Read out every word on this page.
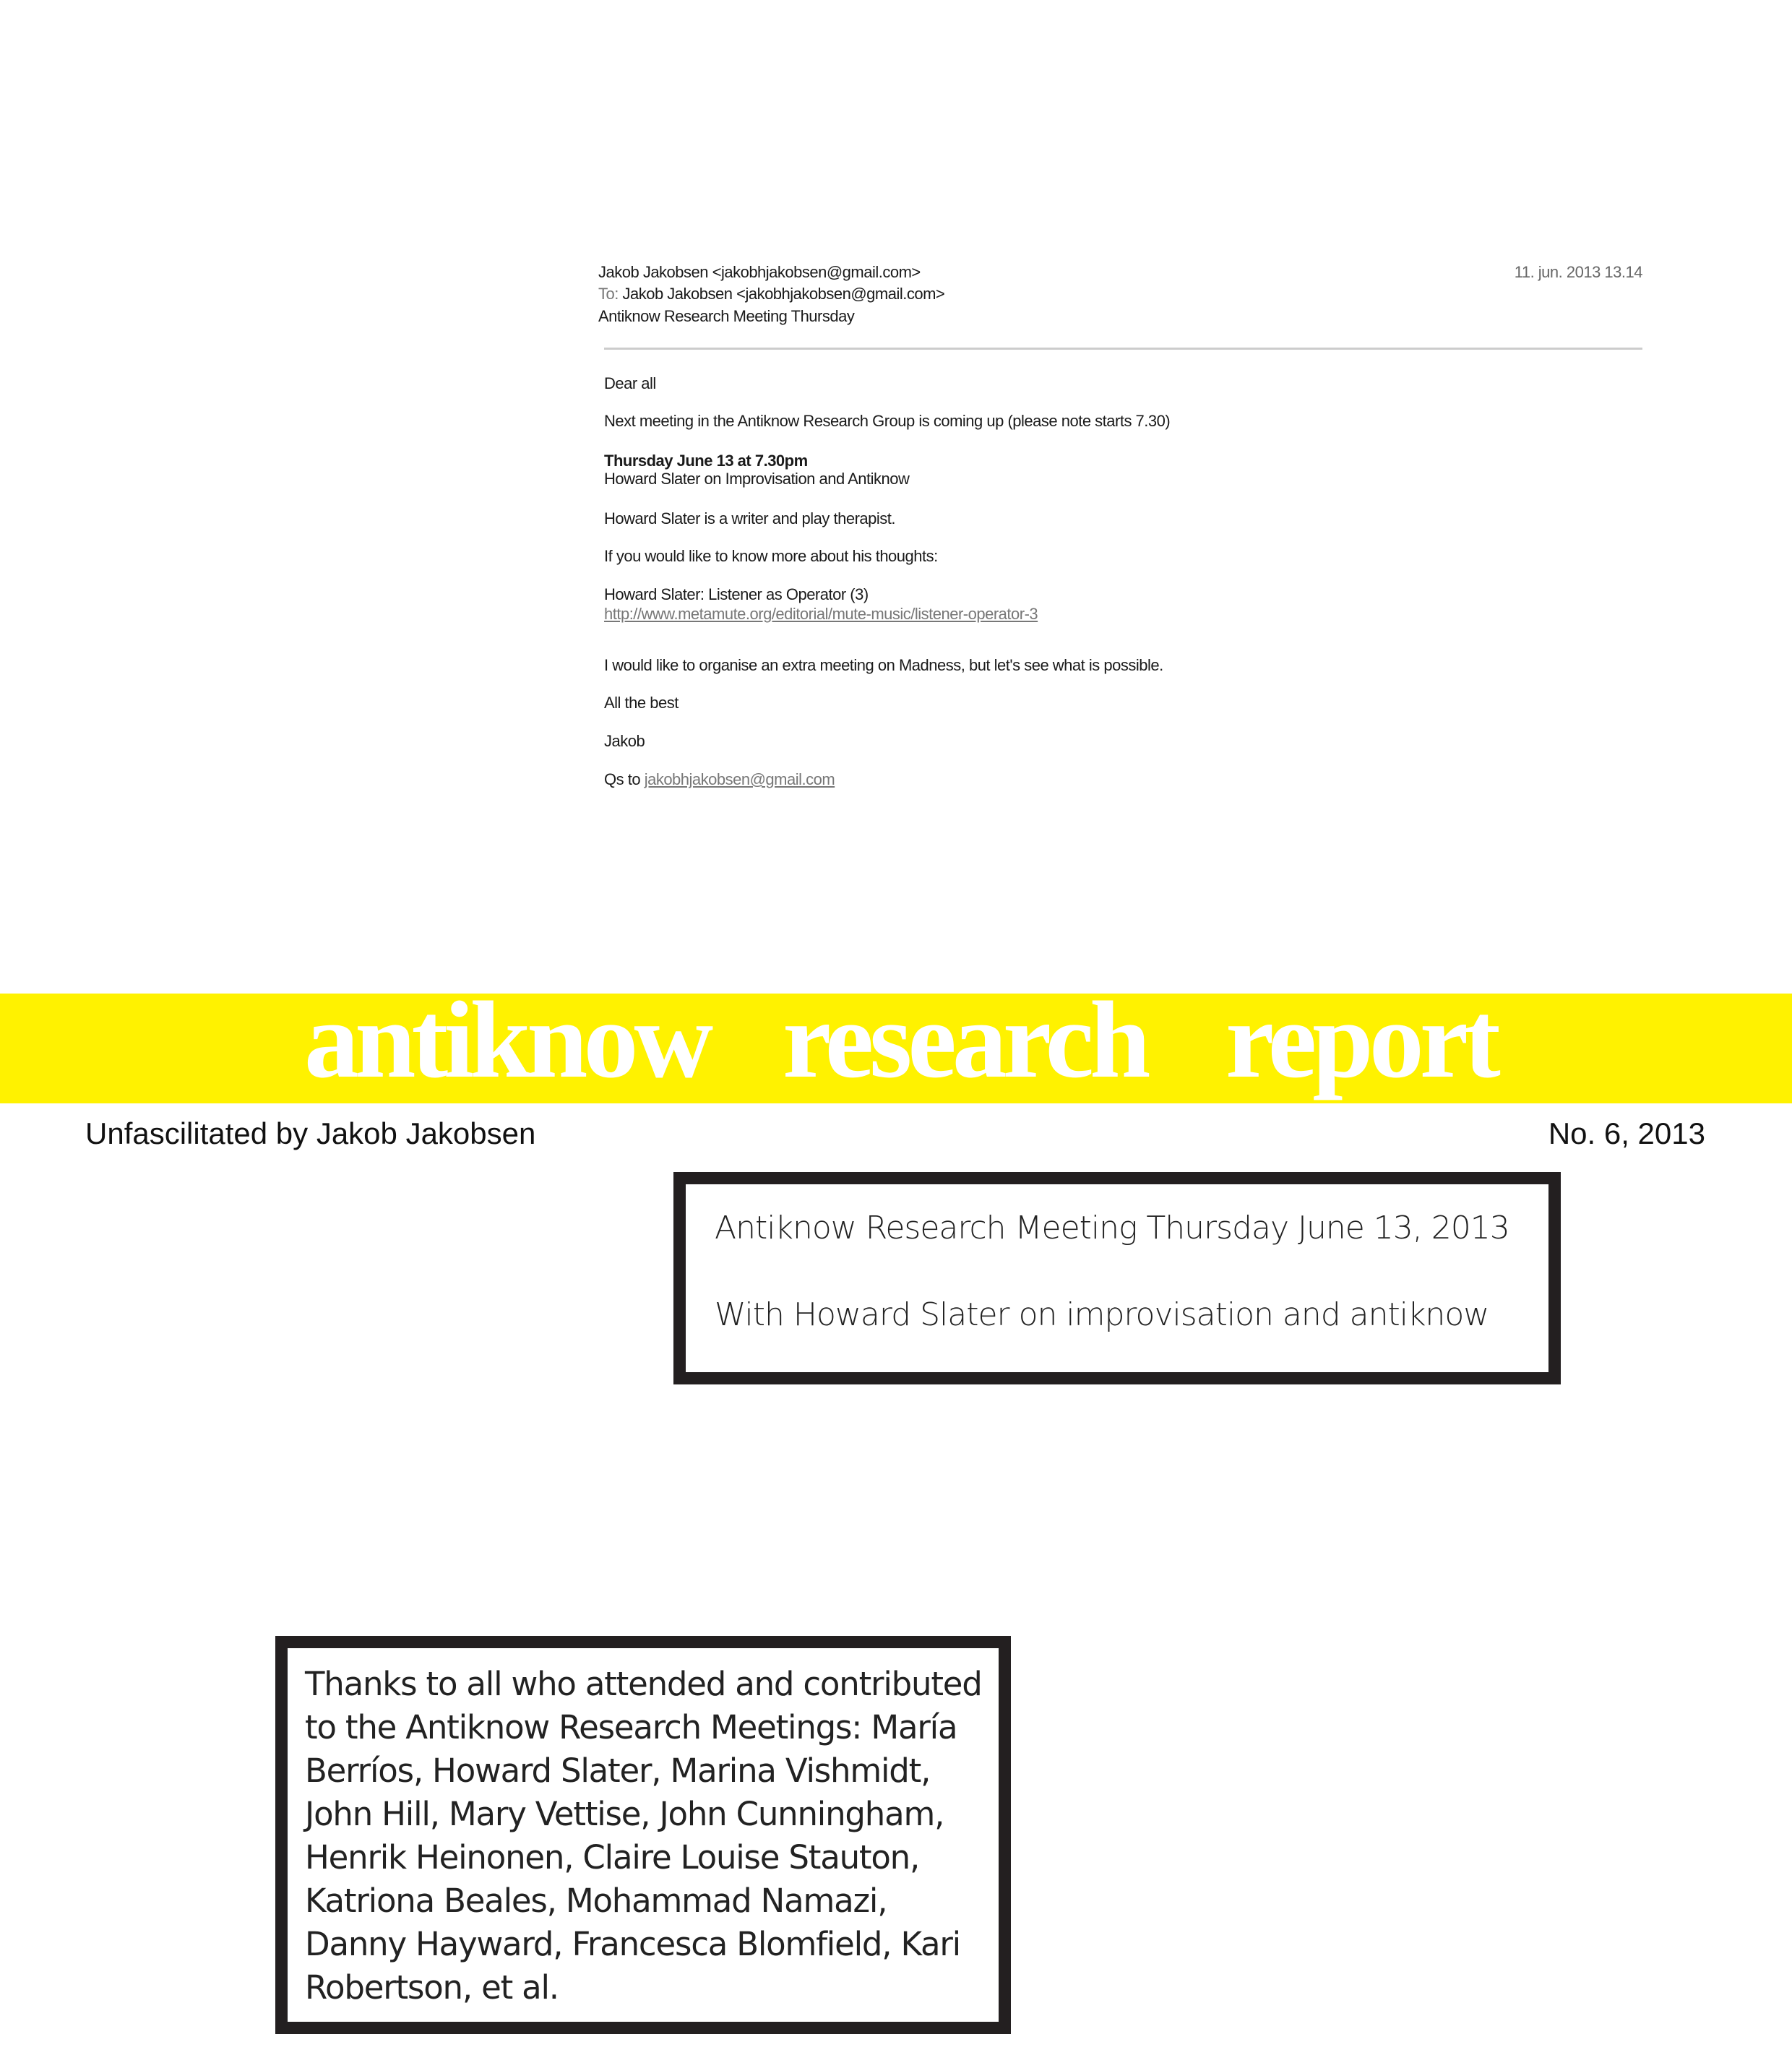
Jakob Jakobsen <jakobhjakobsen@gmail.com>	11. jun. 2013 13.14
To: Jakob Jakobsen <jakobhjakobsen@gmail.com>
Antiknow Research Meeting Thursday
Dear all
Next meeting in the Antiknow Research Group is coming up (please note starts 7.30)
Thursday June 13 at 7.30pm
Howard Slater on Improvisation and Antiknow
Howard Slater is a writer and play therapist.
If you would like to know more about his thoughts:
Howard Slater: Listener as Operator (3)
http://www.metamute.org/editorial/mute-music/listener-operator-3
I would like to organise an extra meeting on Madness, but let's see what is possible.
All the best
Jakob
Qs to jakobhjakobsen@gmail.com
antiknow research report
Unfascilitated by Jakob Jakobsen	No. 6, 2013
Antiknow Research Meeting Thursday June 13, 2013
With Howard Slater on improvisation and antiknow
Thanks to all who attended and contributed to the Antiknow Research Meetings: María Berríos, Howard Slater, Marina Vishmidt, John Hill, Mary Vettise, John Cunningham, Henrik Heinonen, Claire Louise Stauton, Katriona Beales, Mohammad Namazi, Danny Hayward, Francesca Blomfield, Kari Robertson, et al.
